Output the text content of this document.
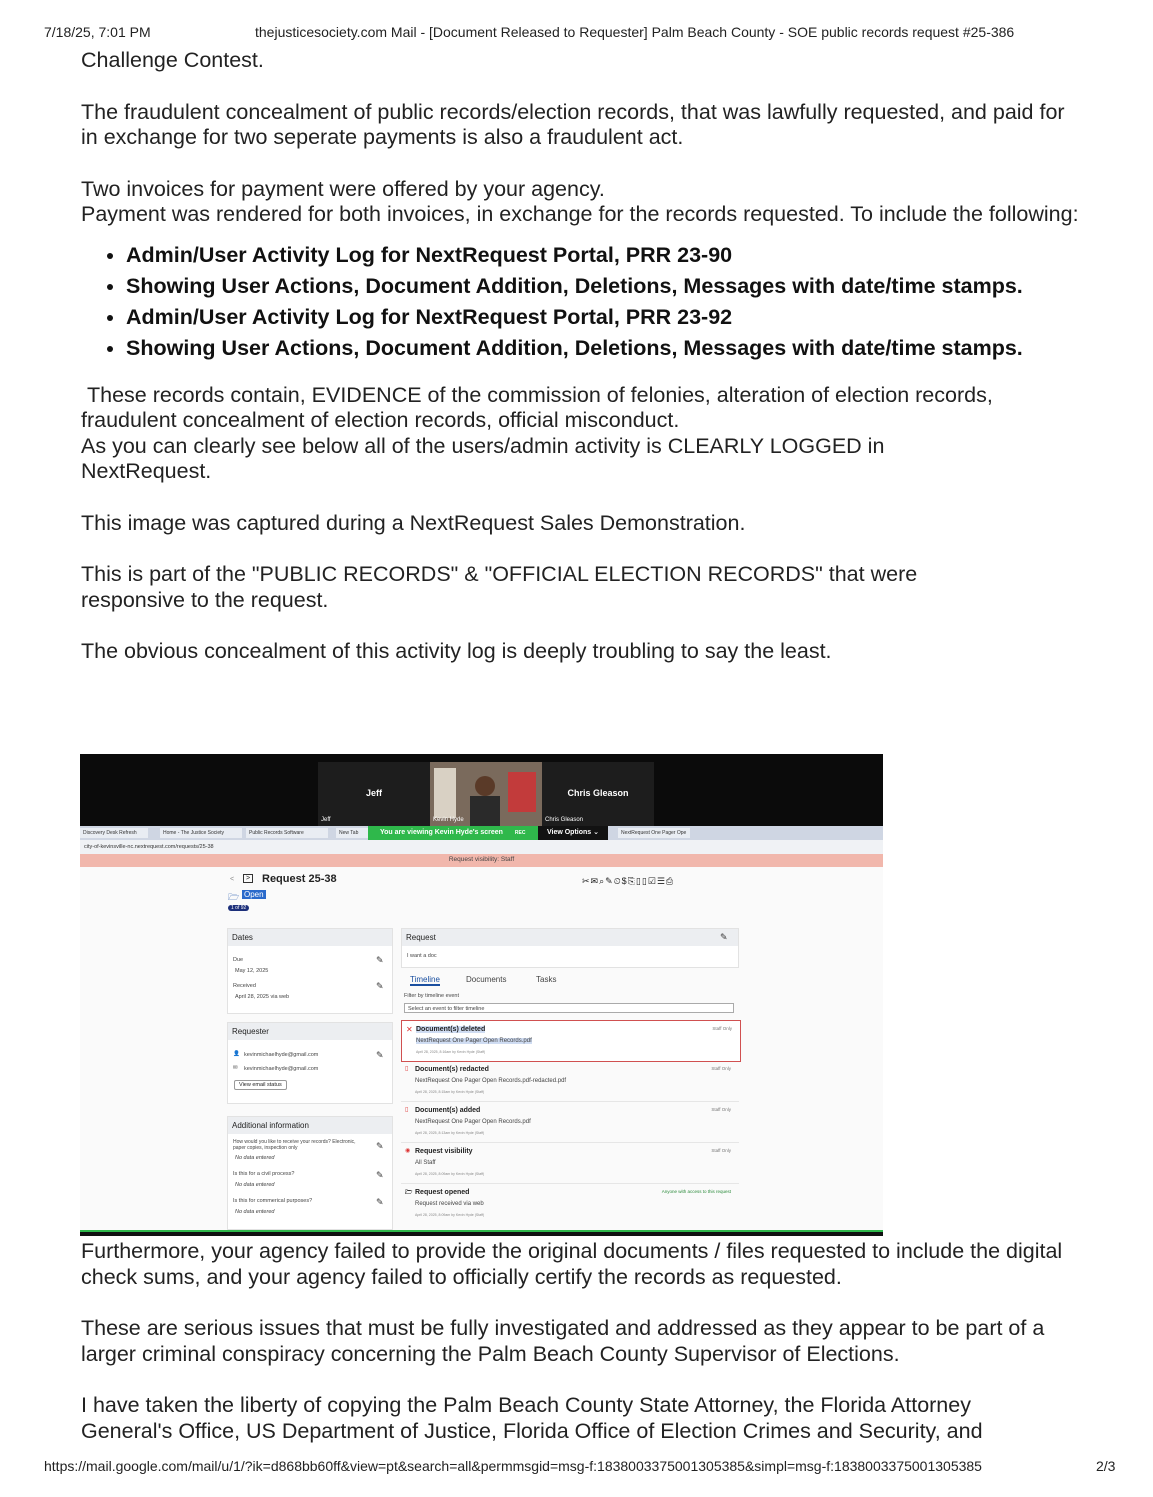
7/18/25, 7:01 PM	thejusticesociety.com Mail - [Document Released to Requester] Palm Beach County - SOE public records request #25-386

Challenge Contest.

The fraudulent concealment of public records/election records, that was lawfully requested, and paid for in exchange for two seperate payments is also a fraudulent act.

Two invoices for payment were offered by your agency.

Payment was rendered for both invoices, in exchange for the records requested. To include the following:

• Admin/User Activity Log for NextRequest Portal, PRR 23-90
• Showing User Actions, Document Addition, Deletions, Messages with date/time stamps.
• Admin/User Activity Log for NextRequest Portal, PRR 23-92
• Showing User Actions, Document Addition, Deletions, Messages with date/time stamps.

These records contain, EVIDENCE of the commission of felonies, alteration of election records, fraudulent concealment of election records, official misconduct.

As you can clearly see below all of the users/admin activity is CLEARLY LOGGED in NextRequest.

This image was captured during a NextRequest Sales Demonstration.

This is part of the "PUBLIC RECORDS" & "OFFICIAL ELECTION RECORDS" that were responsive to the request.

The obvious concealment of this activity log is deeply troubling to say the least.

Jeff
Jeff	Kevin Hyde
Chris Gleason
Chris Gleason
Discovery Desk Refresh	Home - The Justice Society	Public Records Software	New Tab	NextRequest One Pager Ope
You are viewing Kevin Hyde's screen REC	View Options ⌄
city-of-kevinsville-nc.nextrequest.com/requests/25-38
Request visibility: Staff
<	> Request 25-38
🗁 Open
1 of 92
✂✉⌕✎⏲$⎘▯▯☑☰⎙
Dates
Due
May 12, 2025
✎
Received
April 28, 2025 via web
✎
Requester
👤 kevinmichaelhyde@gmail.com	✎
✉ kevinmichaelhyde@gmail.com
View email status
Additional information
How would you like to receive your records? Electronic, paper copies, inspection only
No data entered
✎
Is this for a civil process?
No data entered
✎
Is this for commerical purposes?
No data entered
✎
Request	✎
I want a doc
Timeline	Documents	Tasks
Filter by timeline event
Select an event to filter timeline
✕ Document(s) deleted
NextRequest One Pager Open Records.pdf
April 28, 2025, 8:16am by Kevin Hyde (Staff)
Staff Only
▯ Document(s) redacted
NextRequest One Pager Open Records.pdf-redacted.pdf
April 28, 2025, 8:15am by Kevin Hyde (Staff)
Staff Only
▯ Document(s) added
NextRequest One Pager Open Records.pdf
April 28, 2025, 8:13am by Kevin Hyde (Staff)
Staff Only
◉ Request visibility
All Staff
April 28, 2025, 8:09am by Kevin Hyde (Staff)
Staff Only
🗁 Request opened
Request received via web
April 28, 2025, 8:09am by Kevin Hyde (Staff)
Anyone with access to this request

Furthermore, your agency failed to provide the original documents / files requested to include the digital check sums, and your agency failed to officially certify the records as requested.

These are serious issues that must be fully investigated and addressed as they appear to be part of a larger criminal conspiracy concerning the Palm Beach County Supervisor of Elections.

I have taken the liberty of copying the Palm Beach County State Attorney, the Florida Attorney General's Office, US Department of Justice, Florida Office of Election Crimes and Security, and

https://mail.google.com/mail/u/1/?ik=d868bb60ff&view=pt&search=all&permmsgid=msg-f:1838003375001305385&simpl=msg-f:1838003375001305385	2/3
